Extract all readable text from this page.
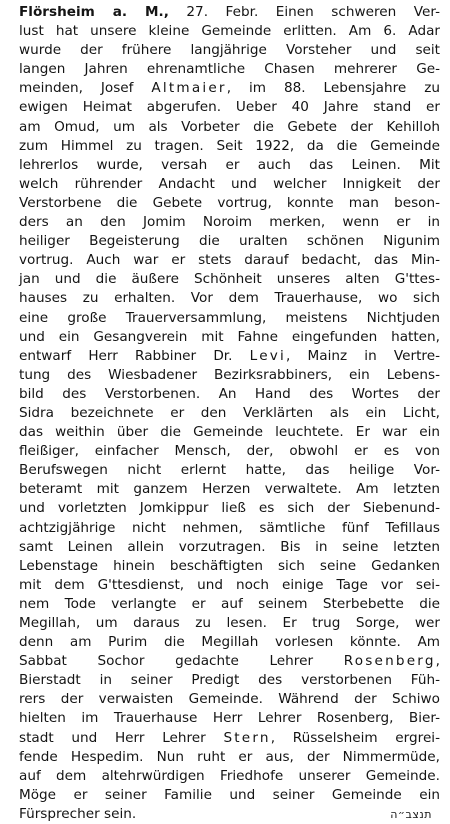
Flörsheim a. M., 27. Febr. Einen schweren Ver-
lust hat unsere kleine Gemeinde erlitten. Am 6. Adar
wurde der frühere langjährige Vorsteher und seit
langen Jahren ehrenamtliche Chasen mehrerer Ge-
meinden, Josef Altmaier, im 88. Lebensjahre zu
ewigen Heimat abgerufen. Ueber 40 Jahre stand er
am Omud, um als Vorbeter die Gebete der Kehilloh
zum Himmel zu tragen. Seit 1922, da die Gemeinde
lehrerlos wurde, versah er auch das Leinen. Mit
welch rührender Andacht und welcher Innigkeit der
Verstorbene die Gebete vortrug, konnte man beson-
ders an den Jomim Noroim merken, wenn er in
heiliger Begeisterung die uralten schönen Nigunim
vortrug. Auch war er stets darauf bedacht, das Min-
jan und die äußere Schönheit unseres alten G'ttes-
hauses zu erhalten. Vor dem Trauerhause, wo sich
eine große Trauerversammlung, meistens Nichtjuden
und ein Gesangverein mit Fahne eingefunden hatten,
entwarf Herr Rabbiner Dr. Levi, Mainz in Vertre-
tung des Wiesbadener Bezirksrabbiners, ein Lebens-
bild des Verstorbenen. An Hand des Wortes der
Sidra bezeichnete er den Verklärten als ein Licht,
das weithin über die Gemeinde leuchtete. Er war ein
fleißiger, einfacher Mensch, der, obwohl er es von
Berufswegen nicht erlernt hatte, das heilige Vor-
beteramt mit ganzem Herzen verwaltete. Am letzten
und vorletzten Jomkippur ließ es sich der Siebenund-
achtzigjährige nicht nehmen, sämtliche fünf Tefillaus
samt Leinen allein vorzutragen. Bis in seine letzten
Lebenstage hinein beschäftigten sich seine Gedanken
mit dem G'ttesdienst, und noch einige Tage vor sei-
nem Tode verlangte er auf seinem Sterbebette die
Megillah, um daraus zu lesen. Er trug Sorge, wer
denn am Purim die Megillah vorlesen könnte. Am
Sabbat Sochor gedachte Lehrer Rosenberg,
Bierstadt in seiner Predigt des verstorbenen Füh-
rers der verwaisten Gemeinde. Während der Schiwo
hielten im Trauerhause Herr Lehrer Rosenberg, Bier-
stadt und Herr Lehrer Stern, Rüsselsheim ergrei-
fende Hespedim. Nun ruht er aus, der Nimmermüde,
auf dem altehrwürdigen Friedhofe unserer Gemeinde.
Möge er seiner Familie und seiner Gemeinde ein
Fürsprecher sein.	תנצב״ה
